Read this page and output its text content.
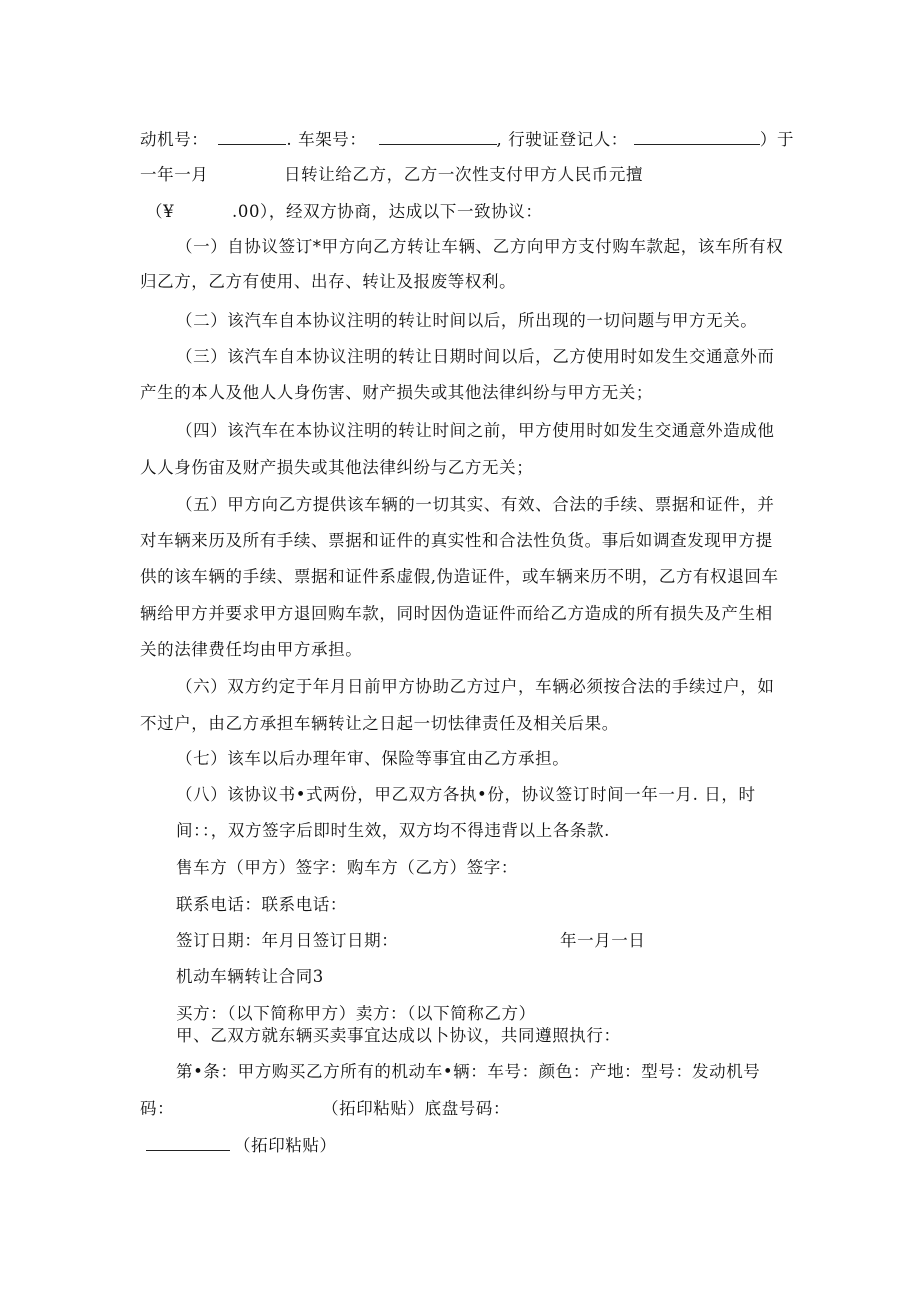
动机号：	. 车架号：	, 行驶证登记人：	）于
一年一月	日转让给乙方，乙方一次性支付甲方人民币元擅
（¥	.00），经双方协商，达成以下一致协议：
（一）自协议签订*甲方向乙方转让车辆、乙方向甲方支付购车款起，该车所有权
归乙方，乙方有使用、出存、转让及报废等权利。
（二）该汽车自本协议注明的转让时间以后，所出现的一切问题与甲方无关。
（三）该汽车自本协议注明的转让日期时间以后，乙方使用时如发生交通意外而
产生的本人及他人人身伤害、财产损失或其他法律纠纷与甲方无关；
（四）该汽车在本协议注明的转让时间之前，甲方使用时如发生交通意外造成他
人人身伤宙及财产损失或其他法律纠纷与乙方无关；
（五）甲方向乙方提供该车辆的一切其实、有效、合法的手续、票据和证件，并
对车辆来历及所有手续、票据和证件的真实性和合法性负货。事后如调查发现甲方提
供的该车辆的手续、票据和证件系虚假,伪造证件，或车辆来历不明，乙方有权退回车
辆给甲方并要求甲方退回购车款，同时因伪造证件而给乙方造成的所有损失及产生相
关的法律费任均由甲方承担。
（六）双方约定于年月日前甲方协助乙方过户，车辆必须按合法的手续过户，如
不过户，由乙方承担车辆转让之日起一切怯律责任及相关后果。
（七）该车以后办理年审、保险等事宜由乙方承担。
（八）该协议书•式两份，甲乙双方各执•份，协议签订时间一年一月. 日，时
间：：，双方签字后即时生效，双方均不得违背以上各条款.
售车方（甲方）签字：购车方（乙方）签字：
联系电话：联系电话：
签订日期：年月日签订日期：	年一月一日
机动车辆转让合同3
买方：（以下简称甲方）卖方：（以下简称乙方）
甲、乙双方就东辆买卖事宜达成以卜协议，共同遵照执行：
第•条：甲方购买乙方所有的机动车•辆：车号：颜色：产地：型号： 发动机号
码：	（拓印粘贴）底盘号码：
（拓印粘贴）
